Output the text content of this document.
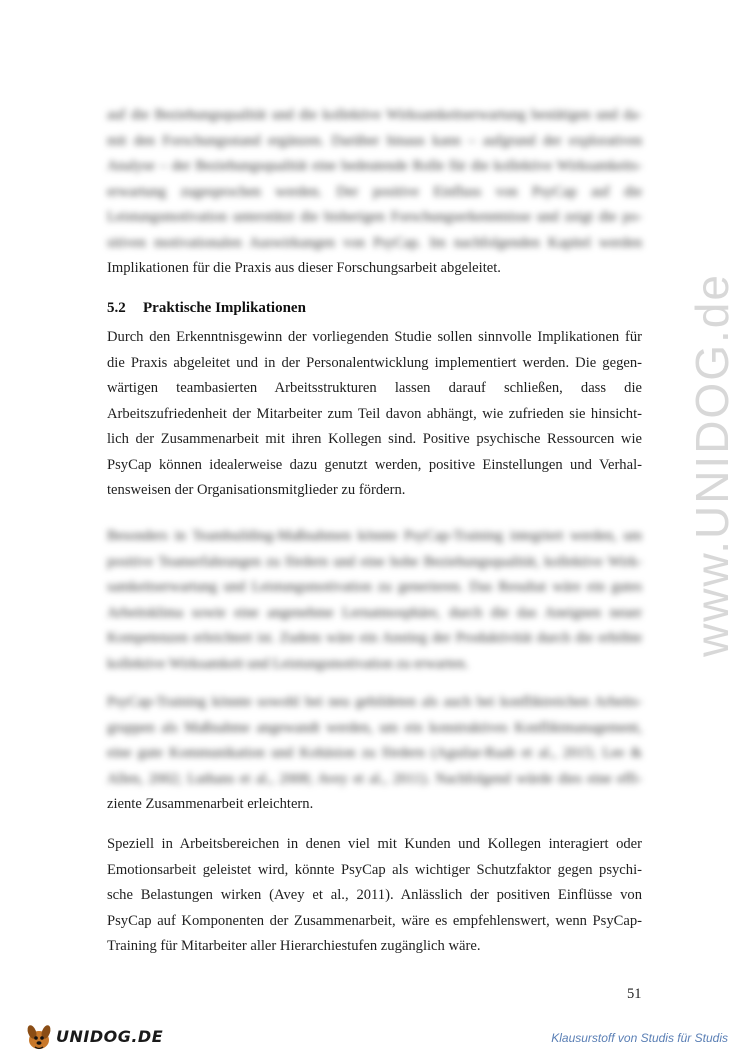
auf die Beziehungsqualität und die kollektive Wirksamkeitserwartung bestätigen und da-
mit den Forschungsstand ergänzen. Darüber hinaus kann – aufgrund der explorativen
Analyse – der Beziehungsqualität eine bedeutende Rolle für die kollektive Wirksamkeits-
erwartung zugesprochen werden. Der positive Einfluss von PsyCap auf die
Leistungsmotivation unterstützt die bisherigen Forschungserkenntnisse und zeigt die po-
sitiven motivationalen Auswirkungen von PsyCap. Im nachfolgenden Kapitel werden
Implikationen für die Praxis aus dieser Forschungsarbeit abgeleitet.
5.2 Praktische Implikationen
Durch den Erkenntnisgewinn der vorliegenden Studie sollen sinnvolle Implikationen für
die Praxis abgeleitet und in der Personalentwicklung implementiert werden. Die gegen-
wärtigen teambasierten Arbeitsstrukturen lassen darauf schließen, dass die
Arbeitszufriedenheit der Mitarbeiter zum Teil davon abhängt, wie zufrieden sie hinsicht-
lich der Zusammenarbeit mit ihren Kollegen sind. Positive psychische Ressourcen wie
PsyCap können idealerweise dazu genutzt werden, positive Einstellungen und Verhal-
tensweisen der Organisationsmitglieder zu fördern.
Besonders in Teambuilding-Maßnahmen könnte PsyCap-Training integriert werden, um
positive Teamerfahrungen zu fördern und eine hohe Beziehungsqualität, kollektive Wirk-
samkeitserwartung und Leistungsmotivation zu generieren. Das Resultat wäre ein gutes
Arbeitsklima sowie eine angenehme Lernatmosphäre, durch die das Aneignen neuer
Kompetenzen erleichtert ist. Zudem wäre ein Anstieg der Produktivität durch die erhöhte
kollektive Wirksamkeit und Leistungsmotivation zu erwarten.
PsyCap-Training könnte sowohl bei neu gebildeten als auch bei konfliktreichen Arbeits-
gruppen als Maßnahme angewandt werden, um ein konstruktives Konfliktmanagement,
eine gute Kommunikation und Kohäsion zu fördern (Aguilar-Raab et al., 2015; Lee &
Allen, 2002; Luthans et al., 2008; Avey et al., 2011). Nachfolgend würde dies eine effi-
ziente Zusammenarbeit erleichtern.
Speziell in Arbeitsbereichen in denen viel mit Kunden und Kollegen interagiert oder
Emotionsarbeit geleistet wird, könnte PsyCap als wichtiger Schutzfaktor gegen psychi-
sche Belastungen wirken (Avey et al., 2011). Anlässlich der positiven Einflüsse von
PsyCap auf Komponenten der Zusammenarbeit, wäre es empfehlenswert, wenn PsyCap-
Training für Mitarbeiter aller Hierarchiestufen zugänglich wäre.
51
www.UNIDOG.de
UNIDOG.DE	Klausurstoff von Studis für Studis
